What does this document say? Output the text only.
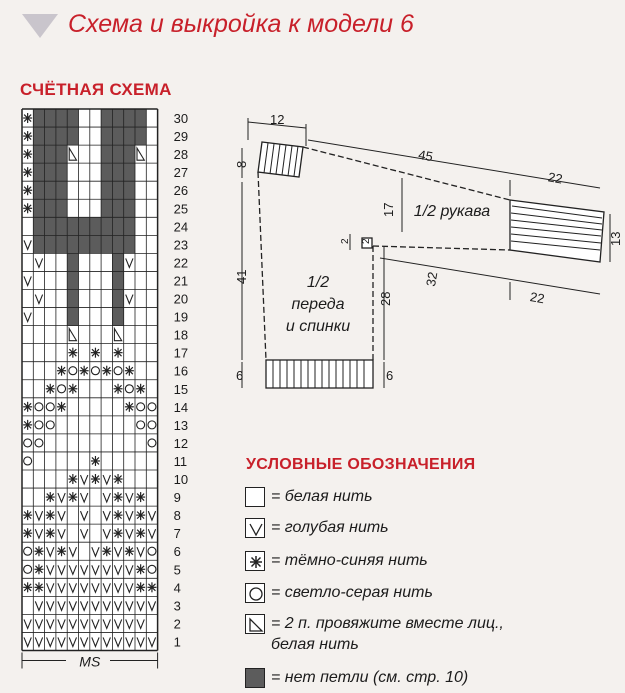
Схема и выкройка к модели 6
СЧЁТНАЯ СХЕМА
30
29
28
27
26
25
24
23
22
21
20
19
18
17
16
15
14
13
12
11
10
9
8
7
6
5
4
3
2
1
MS
12
8
45
22
17
13
2 2
41
28
32
22
6	6
1/2 рукава
1/2
переда
и спинки
УСЛОВНЫЕ ОБОЗНАЧЕНИЯ
= белая нить
= голубая нить
= тёмно-синяя нить
= светло-серая нить
= 2 п. провяжите вместе лиц.,
белая нить
= нет петли (см. стр. 10)
